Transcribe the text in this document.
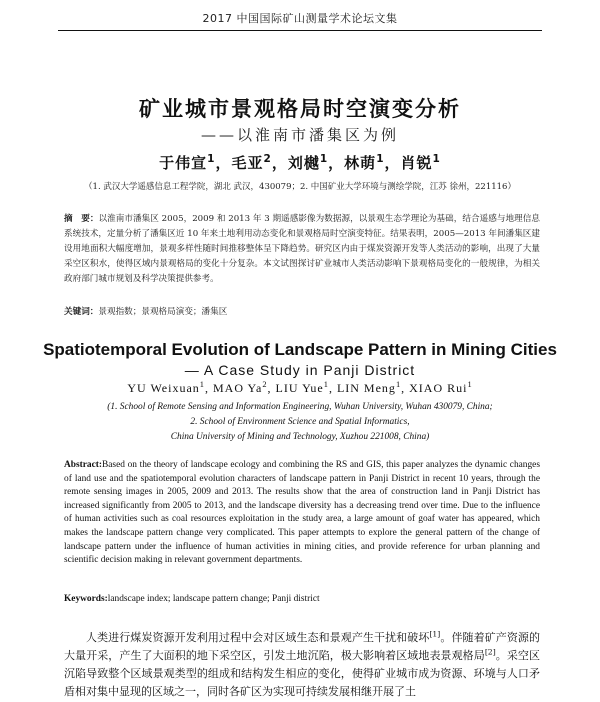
2017 中国国际矿山测量学术论坛文集
矿业城市景观格局时空演变分析
——以淮南市潘集区为例
于伟宣$^1$，毛亚$^2$，刘樾$^1$，林萌$^1$，肖锐$^1$
（1. 武汉大学遥感信息工程学院，湖北 武汉，430079；2. 中国矿业大学环境与测绘学院，江苏 徐州，221116）
摘　要：以淮南市潘集区 2005，2009 和 2013 年 3 期遥感影像为数据源，以景观生态学理论为基础，结合遥感与地理信息系统技术，定量分析了潘集区近 10 年来土地利用动态变化和景观格局时空演变特征。结果表明，2005—2013 年间潘集区建设用地面积大幅度增加，景观多样性随时间推移整体呈下降趋势。研究区内由于煤炭资源开发等人类活动的影响，出现了大量采空区积水，使得区域内景观格局的变化十分复杂。本文试图探讨矿业城市人类活动影响下景观格局变化的一般规律，为相关政府部门城市规划及科学决策提供参考。
关键词：景观指数；景观格局演变；潘集区
Spatiotemporal Evolution of Landscape Pattern in Mining Cities
— A Case Study in Panji District
YU Weixuan$^1$, MAO Ya$^2$, LIU Yue$^1$, LIN Meng$^1$, XIAO Rui$^1$
(1. School of Remote Sensing and Information Engineering, Wuhan University, Wuhan 430079, China;
2. School of Environment Science and Spatial Informatics,
China University of Mining and Technology, Xuzhou 221008, China)
Abstract:Based on the theory of landscape ecology and combining the RS and GIS, this paper analyzes the dynamic changes of land use and the spatiotemporal evolution characters of landscape pattern in Panji District in recent 10 years, through the remote sensing images in 2005, 2009 and 2013. The results show that the area of construction land in Panji District has increased significantly from 2005 to 2013, and the landscape diversity has a decreasing trend over time. Due to the influence of human activities such as coal resources exploitation in the study area, a large amount of goaf water has appeared, which makes the landscape pattern change very complicated. This paper attempts to explore the general pattern of the change of landscape pattern under the influence of human activities in mining cities, and provide reference for urban planning and scientific decision making in relevant government departments.
Keywords:landscape index; landscape pattern change; Panji district
人类进行煤炭资源开发利用过程中会对区域生态和景观产生干扰和破坏[1]。伴随着矿产资源的大量开采，产生了大面积的地下采空区，引发土地沉陷，极大影响着区域地表景观格局[2]。采空区沉陷导致整个区域景观类型的组成和结构发生相应的变化，使得矿业城市成为资源、环境与人口矛盾相对集中显现的区域之一，同时各矿区为实现可持续发展相继开展了土
